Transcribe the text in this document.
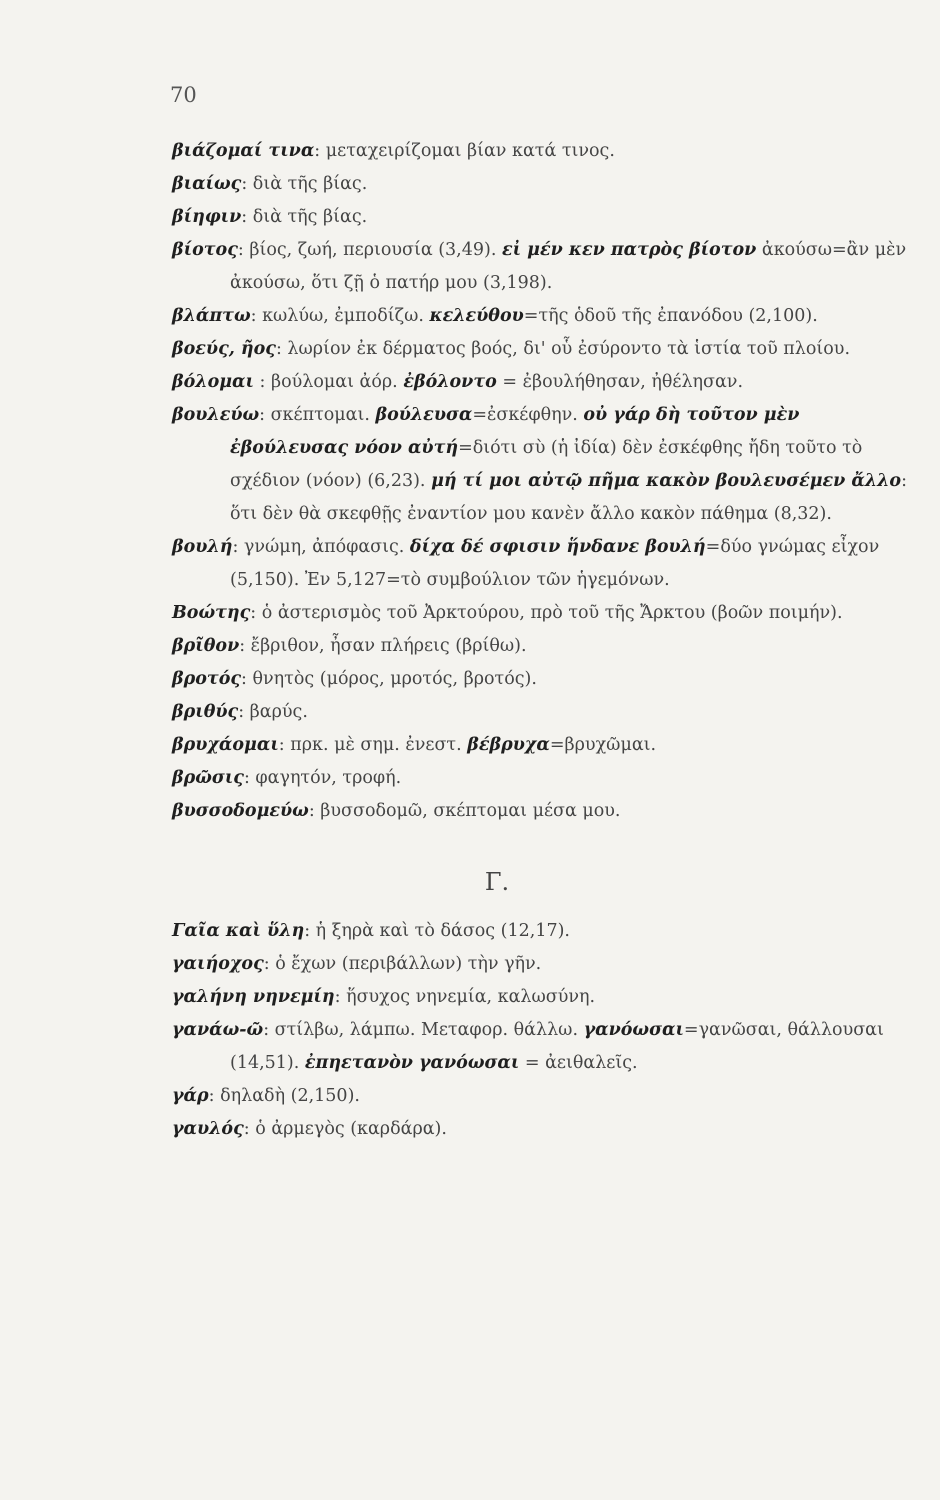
70

βιάζομαί τινα: μεταχειρίζομαι βίαν κατά τινος.

βιαίως: διὰ τῆς βίας.

βίηφιν: διὰ τῆς βίας.

βίοτος: βίος, ζωή, περιουσία (3,49). εἰ μέν κεν πατρὸς βίοτον ἀκούσω=ἂν μὲν ἀκούσω, ὅτι ζῇ ὁ πατήρ μου (3,198).

βλάπτω: κωλύω, ἐμποδίζω. κελεύθου=τῆς ὁδοῦ τῆς ἐπανόδου (2,100).

βοεύς, ῆος: λωρίον ἐκ δέρματος βοός, δι' οὗ ἐσύροντο τὰ ἱστία τοῦ πλοίου.

βόλομαι : βούλομαι ἀόρ. ἐβόλοντο = ἐβουλήθησαν, ἠθέλησαν.

βουλεύω: σκέπτομαι. βούλευσα=ἐσκέφθην. οὐ γάρ δὴ τοῦτον μὲν ἐβούλευσας νόον αὐτή=διότι σὺ (ἡ ἰδία) δὲν ἐσκέφθης ἤδη τοῦτο τὸ σχέδιον (νόον) (6,23). μή τί μοι αὐτῷ πῆμα κακὸν βουλευσέμεν ἄλλο: ὅτι δὲν θὰ σκεφθῇς ἐναντίον μου κανὲν ἄλλο κακὸν πάθημα (8,32).

βουλή: γνώμη, ἀπόφασις. δίχα δέ σφισιν ἥνδανε βουλή=δύο γνώμας εἶχον (5,150). Ἐν 5,127=τὸ συμβούλιον τῶν ἡγεμόνων.

Βοώτης: ὁ ἀστερισμὸς τοῦ Ἀρκτούρου, πρὸ τοῦ τῆς Ἄρκτου (βοῶν ποιμήν).

βρῖθον: ἔβριθον, ἦσαν πλήρεις (βρίθω).

βροτός: θνητὸς (μόρος, μροτός, βροτός).

βριθύς: βαρύς.

βρυχάομαι: πρκ. μὲ σημ. ἐνεστ. βέβρυχα=βρυχῶμαι.

βρῶσις: φαγητόν, τροφή.

βυσσοδομεύω: βυσσοδομῶ, σκέπτομαι μέσα μου.

Γ.

Γαῖα καὶ ὕλη: ἡ ξηρὰ καὶ τὸ δάσος (12,17).

γαιήοχος: ὁ ἔχων (περιβάλλων) τὴν γῆν.

γαλήνη νηνεμίη: ἥσυχος νηνεμία, καλωσύνη.

γανάω-ῶ: στίλβω, λάμπω. Μεταφορ. θάλλω. γανόωσαι=γανῶσαι, θάλλουσαι (14,51). ἐπηετανὸν γανόωσαι = ἀειθαλεῖς.

γάρ: δηλαδὴ (2,150).

γαυλός: ὁ ἀρμεγὸς (καρδάρα).
